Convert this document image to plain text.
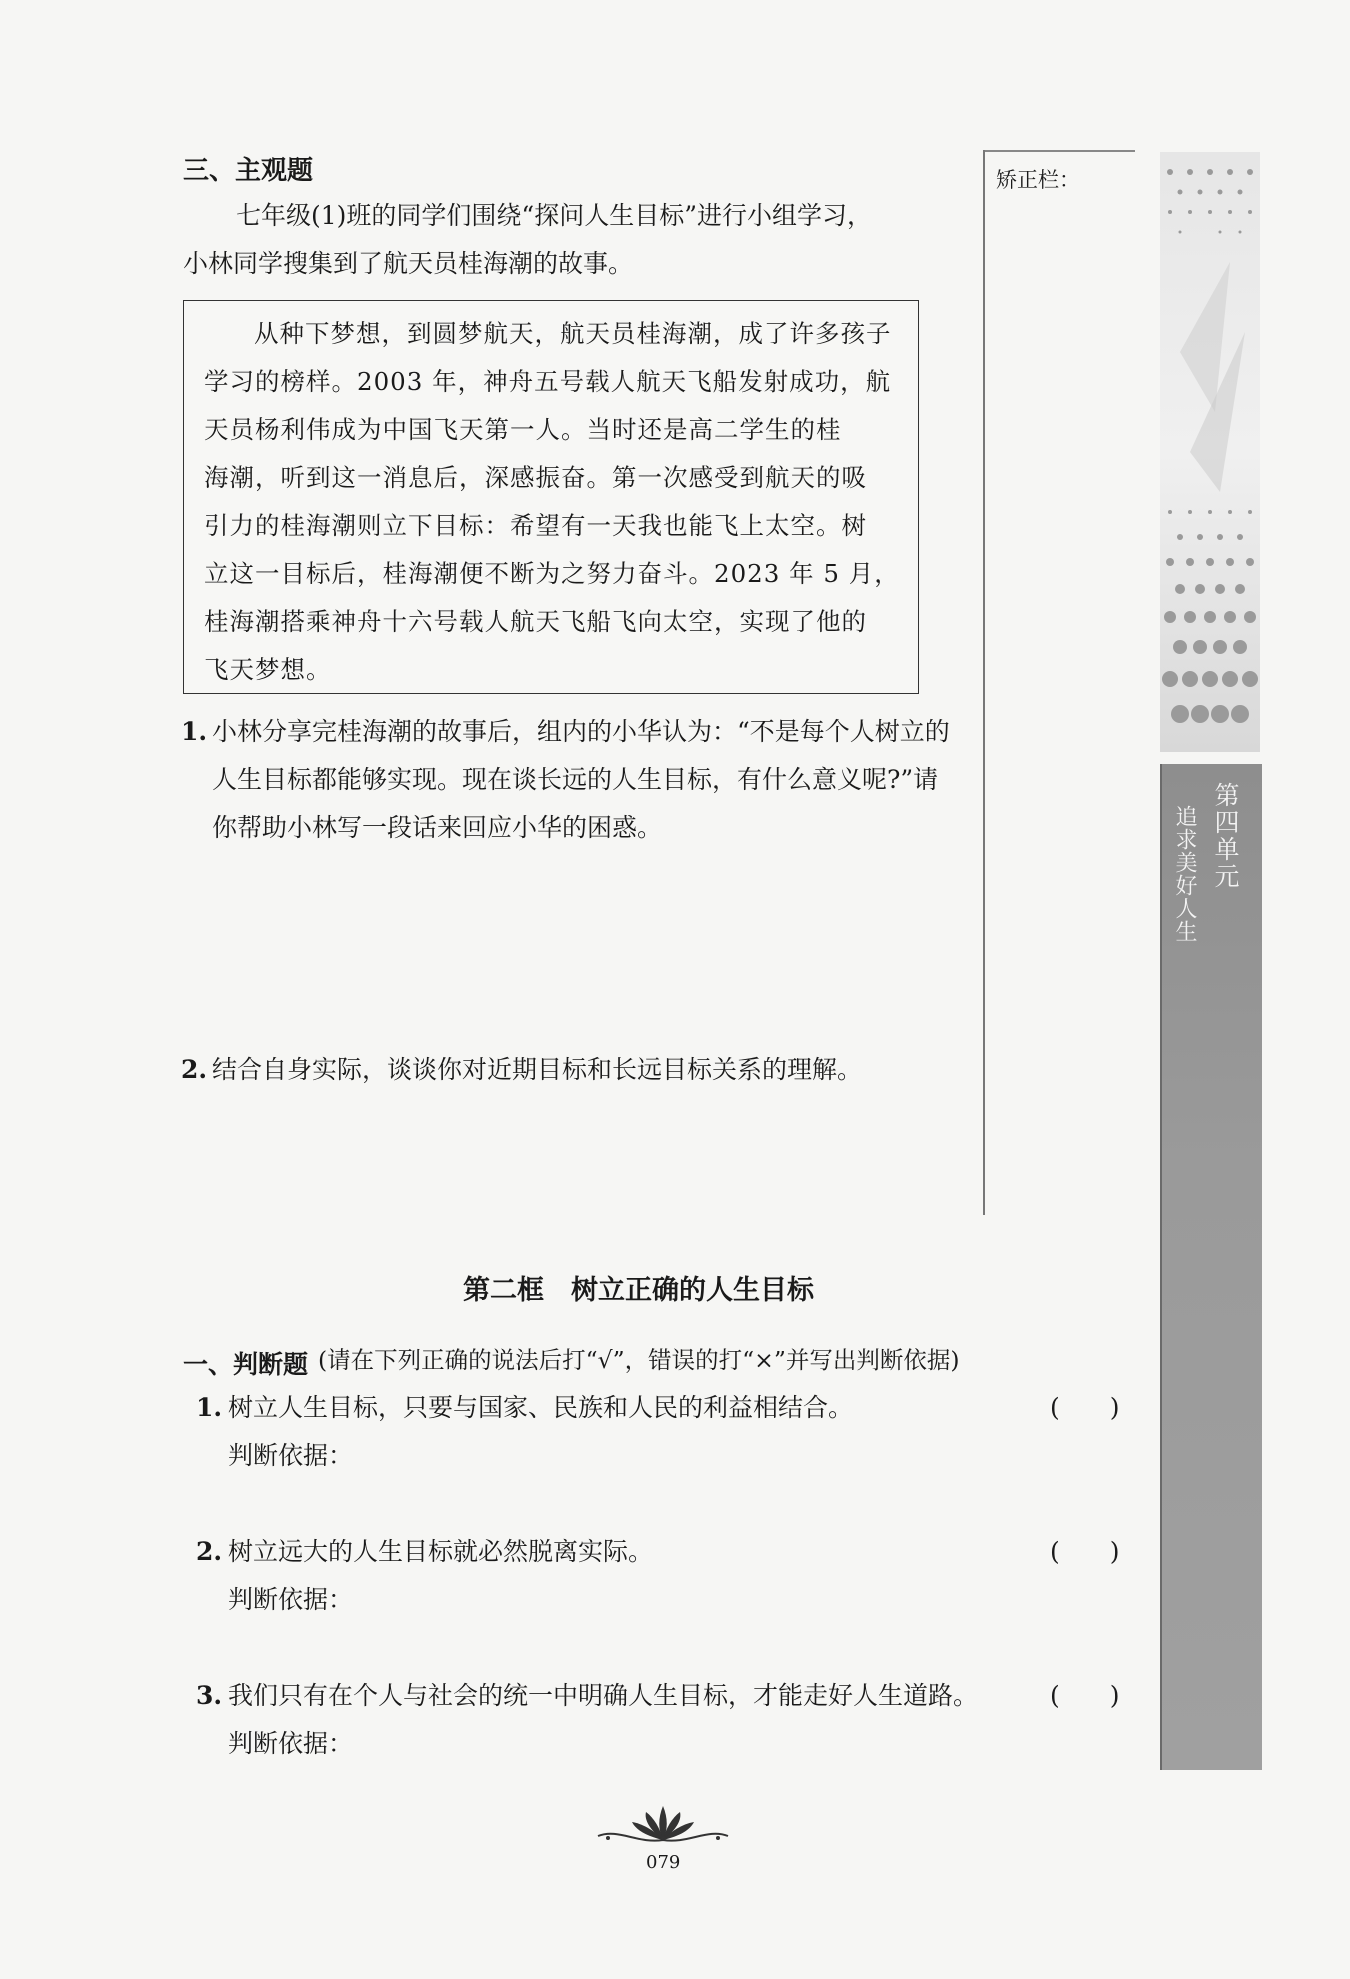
三、主观题
七年级(1)班的同学们围绕“探问人生目标”进行小组学习，
小林同学搜集到了航天员桂海潮的故事。
从种下梦想，到圆梦航天，航天员桂海潮，成了许多孩子
学习的榜样。2003 年，神舟五号载人航天飞船发射成功，航
天员杨利伟成为中国飞天第一人。当时还是高二学生的桂
海潮，听到这一消息后，深感振奋。第一次感受到航天的吸
引力的桂海潮则立下目标：希望有一天我也能飞上太空。树
立这一目标后，桂海潮便不断为之努力奋斗。2023 年 5 月，
桂海潮搭乘神舟十六号载人航天飞船飞向太空，实现了他的
飞天梦想。
1. 小林分享完桂海潮的故事后，组内的小华认为：“不是每个人树立的
人生目标都能够实现。现在谈长远的人生目标，有什么意义呢?”请
你帮助小林写一段话来回应小华的困惑。
2. 结合自身实际，谈谈你对近期目标和长远目标关系的理解。
矫正栏：
第四单元
追求美好人生
第二框　树立正确的人生目标
一、判断题 (请在下列正确的说法后打“√”，错误的打“×”并写出判断依据)
1. 树立人生目标，只要与国家、民族和人民的利益相结合。	(　　)
判断依据：
2. 树立远大的人生目标就必然脱离实际。	(　　)
判断依据：
3. 我们只有在个人与社会的统一中明确人生目标，才能走好人生道路。	(　　)
判断依据：
079
